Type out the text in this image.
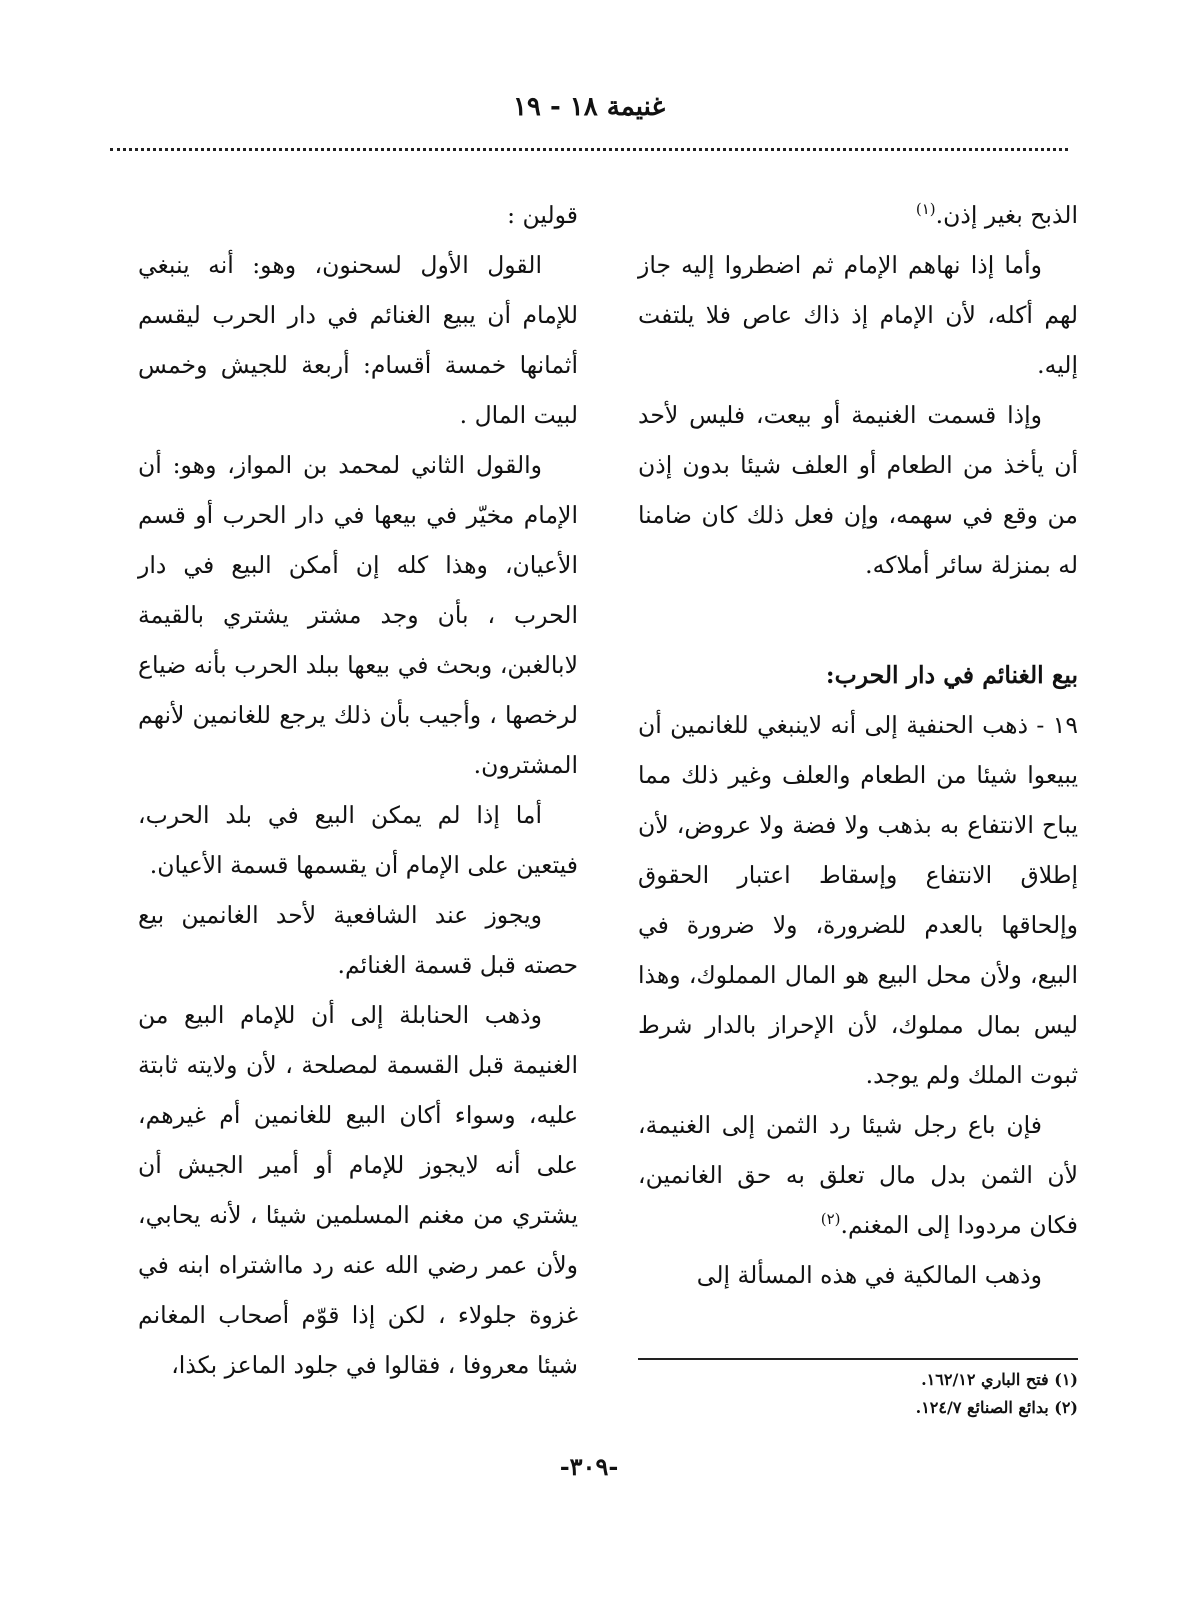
غنيمة ١٨ - ١٩

الذبح بغير إذن.$^{(١)}$

وأما إذا نهاهم الإمام ثم اضطروا إليه جاز لهم أكله، لأن الإمام إذ ذاك عاص فلا يلتفت إليه.

وإذا قسمت الغنيمة أو بيعت، فليس لأحد أن يأخذ من الطعام أو العلف شيئا بدون إذن من وقع في سهمه، وإن فعل ذلك كان ضامنا له بمنزلة سائر أملاكه.

بيع الغنائم في دار الحرب:

١٩ - ذهب الحنفية إلى أنه لاينبغي للغانمين أن يبيعوا شيئا من الطعام والعلف وغير ذلك مما يباح الانتفاع به بذهب ولا فضة ولا عروض، لأن إطلاق الانتفاع وإسقاط اعتبار الحقوق وإلحاقها بالعدم للضرورة، ولا ضرورة في البيع، ولأن محل البيع هو المال المملوك، وهذا ليس بمال مملوك، لأن الإحراز بالدار شرط ثبوت الملك ولم يوجد.

فإن باع رجل شيئا رد الثمن إلى الغنيمة، لأن الثمن بدل مال تعلق به حق الغانمين، فكان مردودا إلى المغنم.$^{(٢)}$

وذهب المالكية في هذه المسألة إلى

قولين :

القول الأول لسحنون، وهو: أنه ينبغي للإمام أن يبيع الغنائم في دار الحرب ليقسم أثمانها خمسة أقسام: أربعة للجيش وخمس لبيت المال .

والقول الثاني لمحمد بن المواز، وهو: أن الإمام مخيّر في بيعها في دار الحرب أو قسم الأعيان، وهذا كله إن أمكن البيع في دار الحرب ، بأن وجد مشتر يشتري بالقيمة لابالغبن، وبحث في بيعها ببلد الحرب بأنه ضياع لرخصها ، وأجيب بأن ذلك يرجع للغانمين لأنهم المشترون.

أما إذا لم يمكن البيع في بلد الحرب، فيتعين على الإمام أن يقسمها قسمة الأعيان.

ويجوز عند الشافعية لأحد الغانمين بيع حصته قبل قسمة الغنائم.

وذهب الحنابلة إلى أن للإمام البيع من الغنيمة قبل القسمة لمصلحة ، لأن ولايته ثابتة عليه، وسواء أكان البيع للغانمين أم غيرهم، على أنه لايجوز للإمام أو أمير الجيش أن يشتري من مغنم المسلمين شيئا ، لأنه يحابي، ولأن عمر رضي الله عنه رد مااشتراه ابنه في غزوة جلولاء ، لكن إذا قوّم أصحاب المغانم شيئا معروفا ، فقالوا في جلود الماعز بكذا،

(١) فتح الباري ١٦٢/١٢.
(٢) بدائع الصنائع ١٢٤/٧.
-٣٠٩-
